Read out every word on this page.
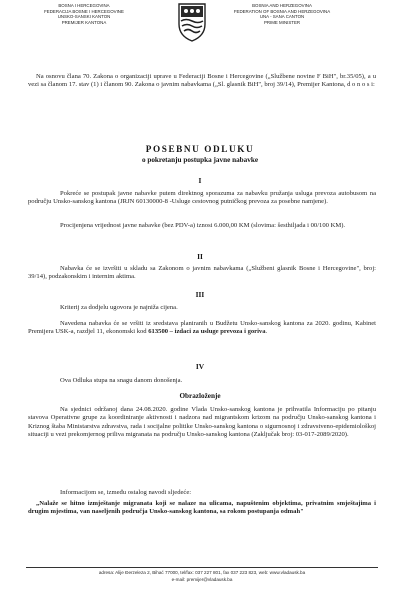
BOSNA I HERCEGOVINA
FEDERACIJA BOSNE I HERCEGOVINE
UNSKO-SANSKI KANTON
PREMIJER KANTONA
BOSNIA AND HERZEGOVINA
FEDERATION OF BOSNIA AND HERZEGOVINA
UNA - SANA CANTON
PRIME MINISTER
Na osnovu člana 70. Zakona o organizaciji uprave u Federaciji Bosne i Hercegovine („Službene novine F BiH", br.35/05), a u vezi sa članom 17. stav (1) i članom 90. Zakona o javnim nabavkama („Sl. glasnik BiH", broj 39/14), Premijer Kantona, d o n o s i:
POSEBNU ODLUKU
o pokretanju postupka javne nabavke
I
Pokreće se postupak javne nabavke putem direktnog sporazuma za nabavku pružanja usluga prevoza autobusom na području Unsko-sanskog kantona (JRJN 60130000-8 -Usluge cestovnog putničkog prevoza za posebne namjene).
Procijenjena vrijednost javne nabavke (bez PDV-a) iznosi 6.000,00 KM (slovima: šesthiljada i 00/100 KM).
II
Nabavka će se izvršiti u skladu sa Zakonom o javnim nabavkama („Službeni glasnik Bosne i Hercegovine", broj: 39/14), podzakonskim i internim aktima.
III
Kriterij za dodjelu ugovora je najniža cijena.
Navedena nabavka će se vršiti iz sredstava planiranih u Budžetu Unsko-sanskog kantona za 2020. godinu, Kabinet Premijera USK-a, razdjel 11, ekonomski kod 613500 – izdaci za usluge prevoza i goriva.
IV
Ova Odluka stupa na snagu danom donošenja.
Obrazloženje
Na sjednici održanoj dana 24.08.2020. godine Vlada Unsko-sanskog kantona je prihvatila Informaciju po pitanju stavova Operativne grupe za koordiniranje aktivnosti i nadzora nad migrantskom krizom na području Unsko-sanskog kantona i Kriznog štaba Ministarstva zdravstva, rada i socijalne politike Unsko-sanskog kantona o sigurnosnoj i zdravstveno-epidemiološkoj situaciji u vezi prekomjernog priliva migranata na području Unsko-sanskog kantona (Zaključak broj: 03-017-2089/2020).
Informacijom se, između ostalog navodi sljedeće:
„Nalaže se hitno izmještanje migranata koji se nalaze na ulicama, napuštenim objektima, privatnim smještajima i drugim mjestima, van naseljenih područja Unsko-sanskog kantona, sa rokom postupanja odmah"
adresa: Alije Đerzeleza 2, Bihać 77000, tel/fax: 037 227 801, fax 037 223 823, web: www.vladausk.ba
e-mail: premijer@vladausk.ba
